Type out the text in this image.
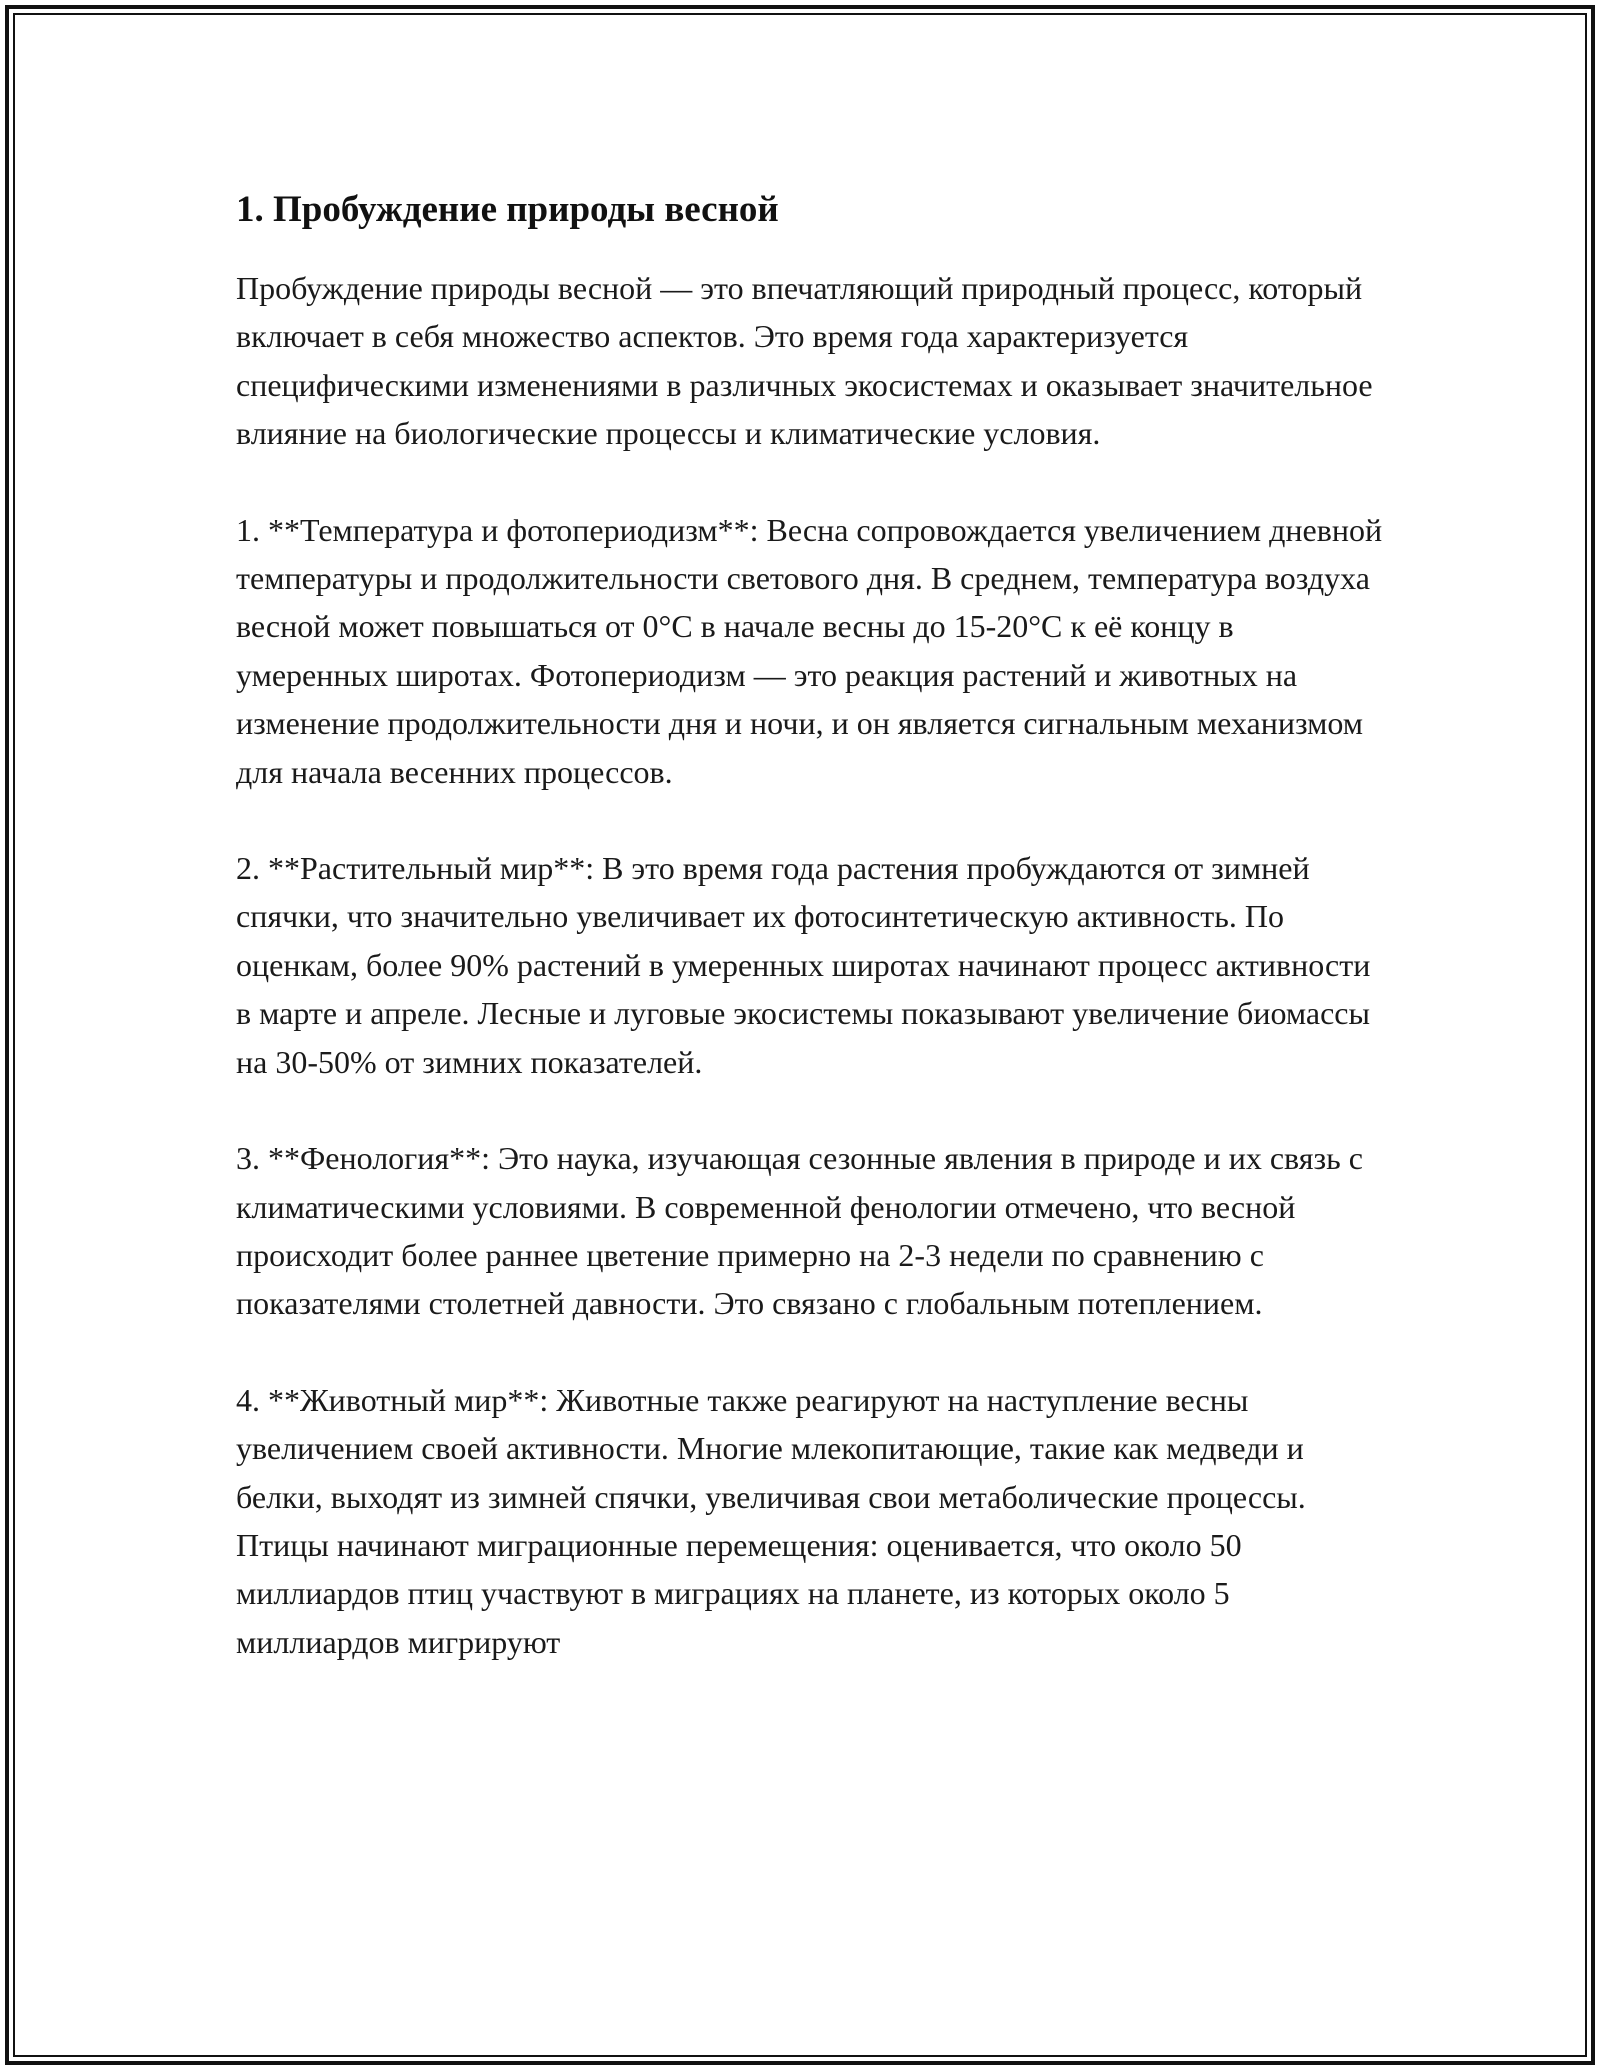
1. Пробуждение природы весной

Пробуждение природы весной — это впечатляющий природный процесс, который включает в себя множество аспектов. Это время года характеризуется специфическими изменениями в различных экосистемах и оказывает значительное влияние на биологические процессы и климатические условия.

1. **Температура и фотопериодизм**: Весна сопровождается увеличением дневной температуры и продолжительности светового дня. В среднем, температура воздуха весной может повышаться от 0°C в начале весны до 15-20°C к её концу в умеренных широтах. Фотопериодизм — это реакция растений и животных на изменение продолжительности дня и ночи, и он является сигнальным механизмом для начала весенних процессов.

2. **Растительный мир**: В это время года растения пробуждаются от зимней спячки, что значительно увеличивает их фотосинтетическую активность. По оценкам, более 90% растений в умеренных широтах начинают процесс активности в марте и апреле. Лесные и луговые экосистемы показывают увеличение биомассы на 30-50% от зимних показателей.

3. **Фенология**: Это наука, изучающая сезонные явления в природе и их связь с климатическими условиями. В современной фенологии отмечено, что весной происходит более раннее цветение примерно на 2-3 недели по сравнению с показателями столетней давности. Это связано с глобальным потеплением.

4. **Животный мир**: Животные также реагируют на наступление весны увеличением своей активности. Многие млекопитающие, такие как медведи и белки, выходят из зимней спячки, увеличивая свои метаболические процессы. Птицы начинают миграционные перемещения: оценивается, что около 50 миллиардов птиц участвуют в миграциях на планете, из которых около 5 миллиардов мигрируют
